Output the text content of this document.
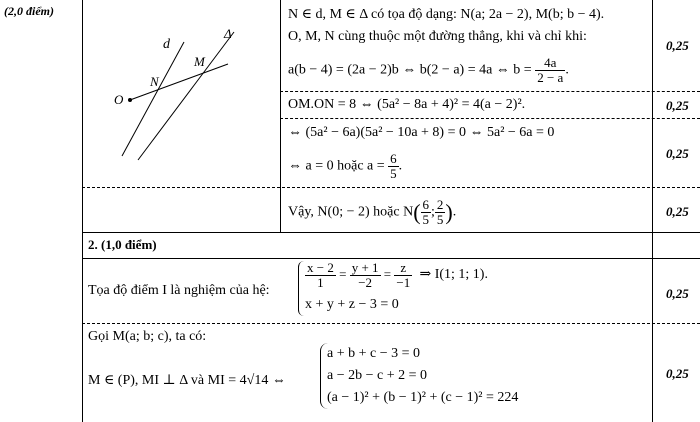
(2,0 điểm)
d
Δ
M
N
O
N ∈ d, M ∈ Δ có tọa độ dạng: N(a; 2a − 2), M(b; b − 4).
O, M, N cùng thuộc một đường thẳng, khi và chỉ khi:
a(b − 4) = (2a − 2)b ⇔ b(2 − a) = 4a ⇔ $b = \frac{4a}{2 - a}$ .
0,25
OM.ON = 8 ⇔ (5a² − 8a + 4)² = 4(a − 2)².	0,25
⇔ (5a² − 6a)(5a² − 10a + 8) = 0 ⇔ 5a² − 6a = 0
⇔ a = 0 hoặc $a = \frac{6}{5}$ .
0,25
Vậy, N(0; − 2) hoặc $N( \frac{6}{5}$ ; $\frac{2}{5}$ ).	0,25
2. (1,0 điểm)
Tọa độ điểm I là nghiệm của hệ:
$\frac{x - 2}{1} = \frac{y + 1}{-2} = \frac{z}{-1}$ ⇒ I(1; 1; 1).
x + y + z − 3 = 0
0,25
Gọi M(a; b; c), ta có:
M ∈ (P), MI ⊥ Δ và MI = 4√14 ⇔
a + b + c − 3 = 0
a − 2b − c + 2 = 0
(a − 1)² + (b − 1)² + (c − 1)² = 224
0,25
